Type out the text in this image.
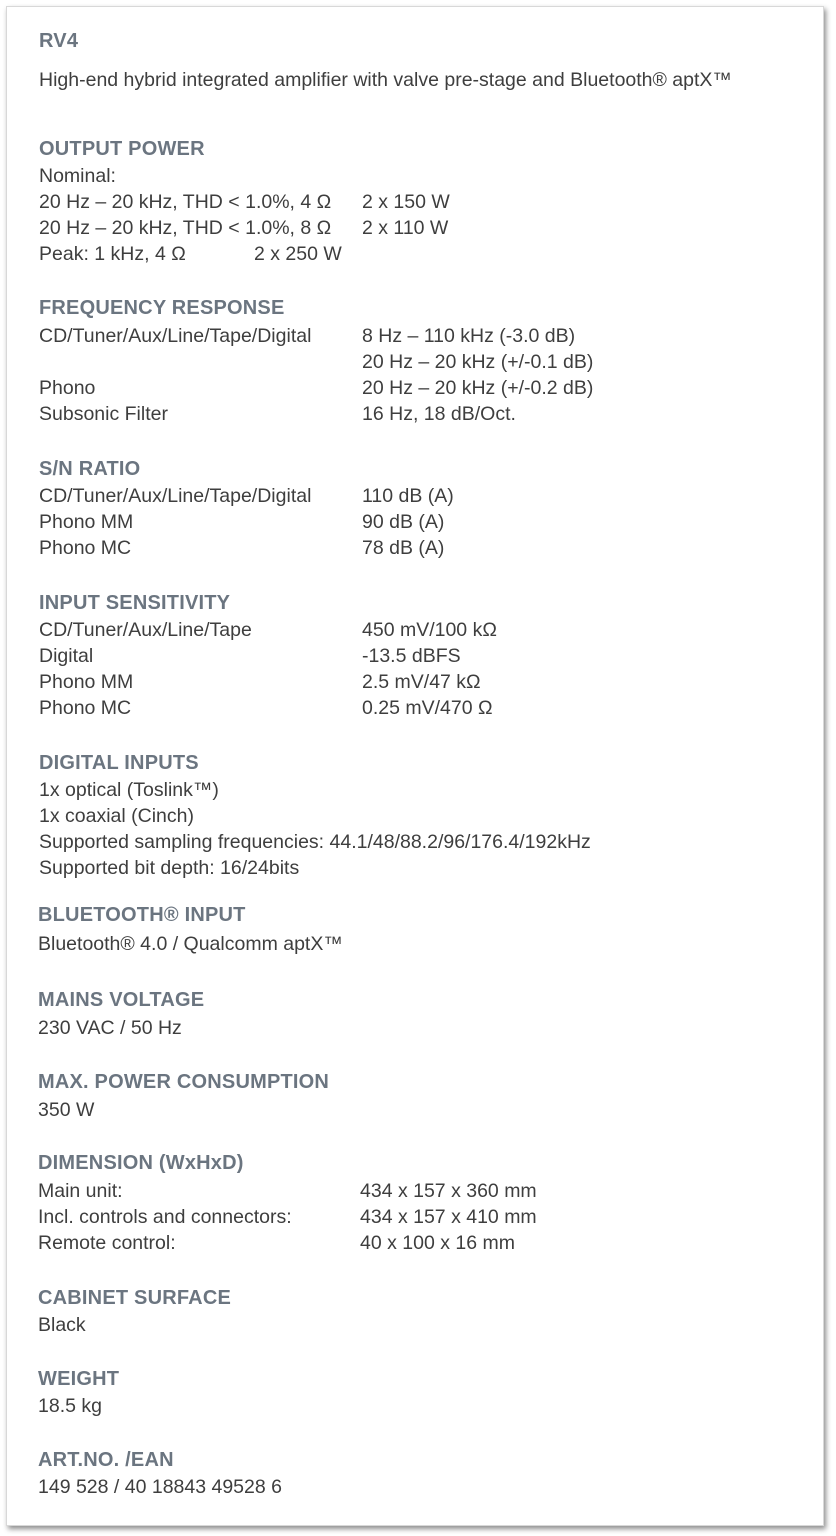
RV4
High-end hybrid integrated amplifier with valve pre-stage and Bluetooth® aptX™
OUTPUT POWER
Nominal:
20 Hz – 20 kHz, THD < 1.0%, 4 Ω 2 x 150 W
20 Hz – 20 kHz, THD < 1.0%, 8 Ω 2 x 110 W
Peak: 1 kHz, 4 Ω	2 x 250 W
FREQUENCY RESPONSE
CD/Tuner/Aux/Line/Tape/Digital	8 Hz – 110 kHz (-3.0 dB)
20 Hz – 20 kHz (+/-0.1 dB)
Phono	20 Hz – 20 kHz (+/-0.2 dB)
Subsonic Filter	16 Hz, 18 dB/Oct.
S/N RATIO
CD/Tuner/Aux/Line/Tape/Digital	110 dB (A)
Phono MM	90 dB (A)
Phono MC	78 dB (A)
INPUT SENSITIVITY
CD/Tuner/Aux/Line/Tape	450 mV/100 kΩ
Digital	-13.5 dBFS
Phono MM	2.5 mV/47 kΩ
Phono MC	0.25 mV/470 Ω
DIGITAL INPUTS
1x optical (Toslink™)
1x coaxial (Cinch)
Supported sampling frequencies: 44.1/48/88.2/96/176.4/192kHz
Supported bit depth: 16/24bits
BLUETOOTH® INPUT
Bluetooth® 4.0 / Qualcomm aptX™
MAINS VOLTAGE
230 VAC / 50 Hz
MAX. POWER CONSUMPTION
350 W
DIMENSION (WxHxD)
Main unit:	434 x 157 x 360 mm
Incl. controls and connectors:	434 x 157 x 410 mm
Remote control:	40 x 100 x 16 mm
CABINET SURFACE
Black
WEIGHT
18.5 kg
ART.NO. /EAN
149 528 / 40 18843 49528 6
